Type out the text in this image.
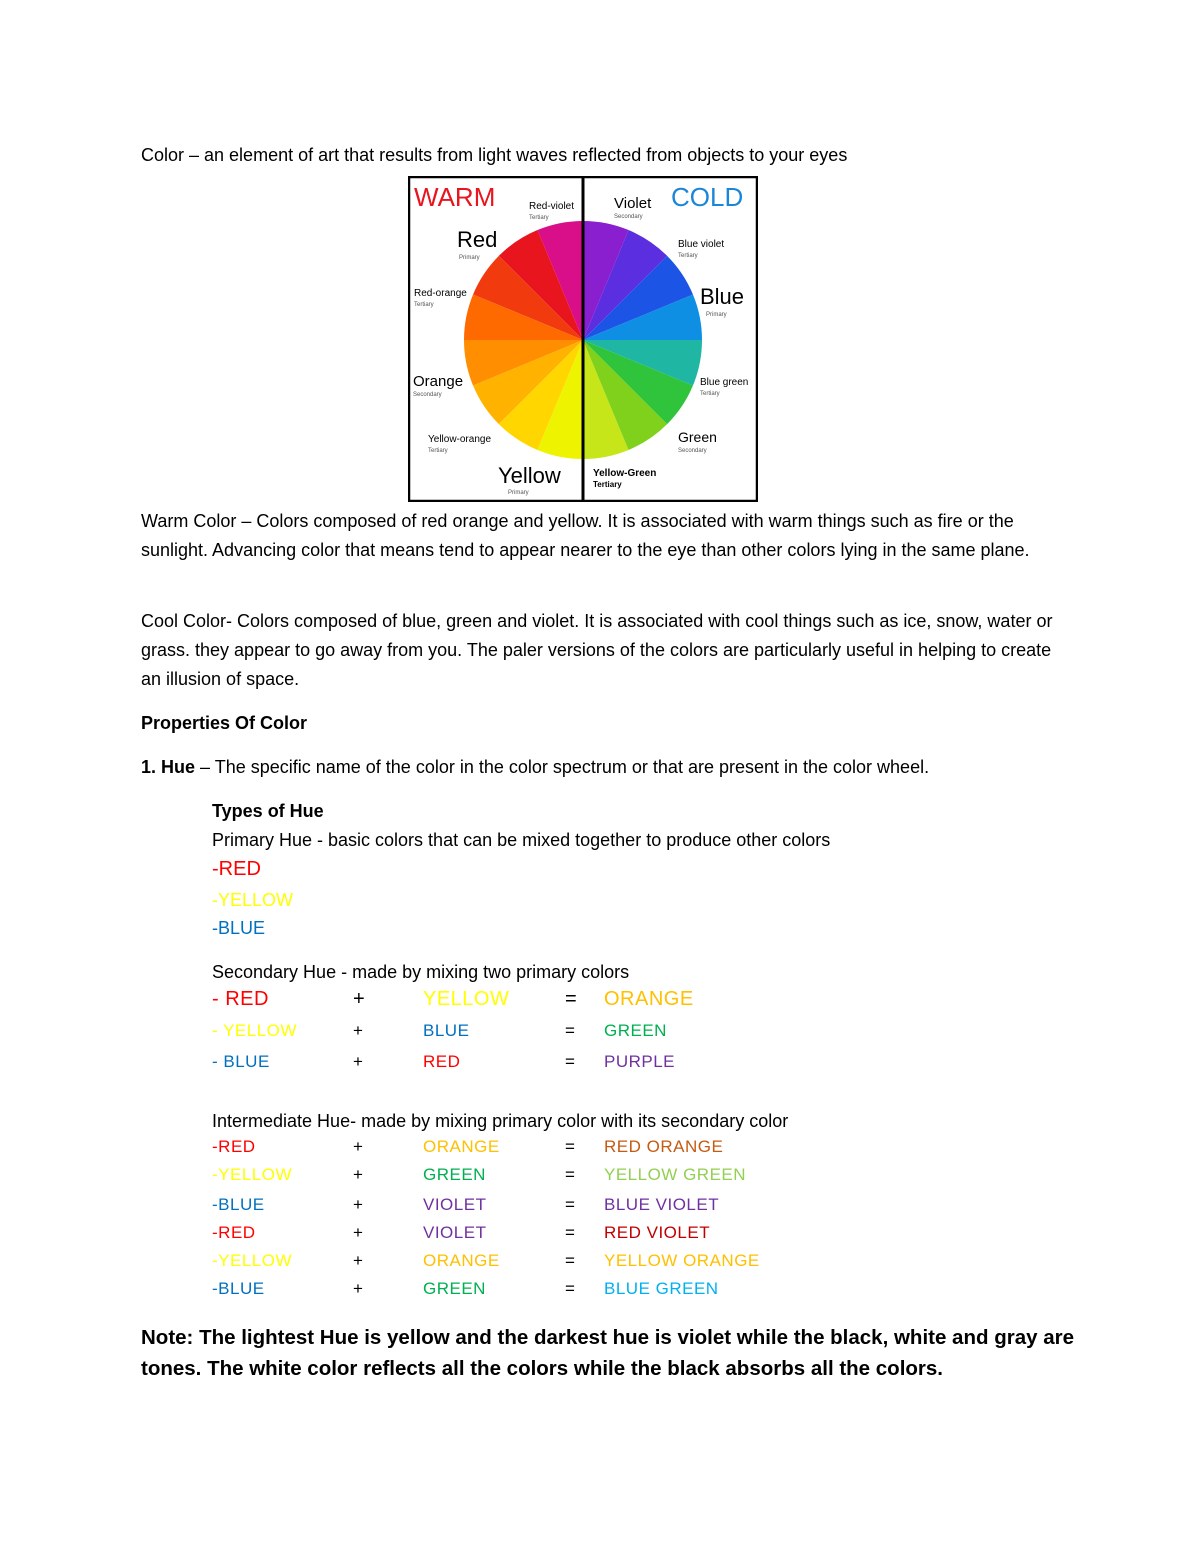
Color – an element of art that results from light waves reflected from objects to your eyes
WARM	COLD
Red-violet
Tertiary
Violet
Secondary
Red
Primary
Blue violet
Tertiary
Blue
Primary
Red-orange
Tertiary
Orange
Secondary
Blue green
Tertiary
Green
Secondary
Yellow-orange
Tertiary
Yellow
Primary
Yellow-Green
Tertiary
Warm Color – Colors composed of red orange and yellow. It is associated with warm things such as fire or the sunlight. Advancing color that means tend to appear nearer to the eye than other colors lying in the same plane.
Cool Color- Colors composed of blue, green and violet. It is associated with cool things such as ice, snow, water or grass. they appear to go away from you. The paler versions of the colors are particularly useful in helping to create an illusion of space.
Properties Of Color
1. Hue – The specific name of the color in the color spectrum or that are present in the color wheel.
Types of Hue
Primary Hue - basic colors that can be mixed together to produce other colors
-RED
-YELLOW
-BLUE
Secondary Hue - made by mixing two primary colors
- RED	+	YELLOW	= ORANGE
- YELLOW	+	BLUE	= GREEN
- BLUE	+	RED	= PURPLE
Intermediate Hue- made by mixing primary color with its secondary color
-RED	+	ORANGE	= RED ORANGE
-YELLOW	+	GREEN	= YELLOW GREEN
-BLUE	+	VIOLET	= BLUE VIOLET
-RED	+	VIOLET	= RED VIOLET
-YELLOW	+	ORANGE	= YELLOW ORANGE
-BLUE	+	GREEN	= BLUE GREEN
Note: The lightest Hue is yellow and the darkest hue is violet while the black, white and gray are tones. The white color reflects all the colors while the black absorbs all the colors.
